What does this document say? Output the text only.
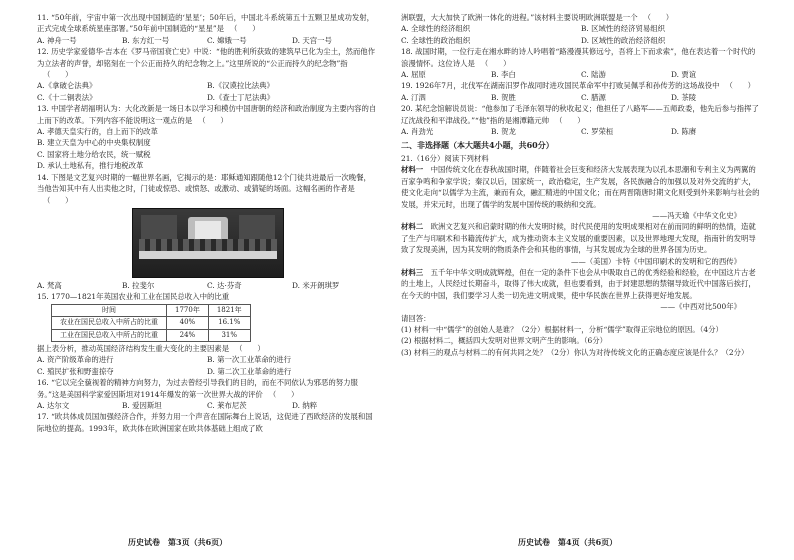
11. “50年前，宇宙中第一次出现中国制造的‘星星’；50年后，中国北斗系统第五十五颗卫星成功发射，正式完成全球系统星座部署。”50年前中国制造的“星星”是 （　　）

A. 神舟一号	B. 东方红一号	C. 嫦娥一号	D. 天宫一号

12. 历史学家爱德华·吉本在《罗马帝国衰亡史》中说：“他的胜利所获致的建筑早已化为尘土，然而他作为立法者的声誉，却铭刻在一个公正而持久的纪念物之上。”这里所说的“公正而持久的纪念物”指（　　）

A.《拿破仑法典》	B.《汉谟拉比法典》
C.《十二铜表法》	D.《查士丁尼法典》

13. 中国学者胡福明认为：大化改新是一场日本以学习和模仿中国唐朝的经济和政治制度为主要内容的自上而下的改革。下列内容不能说明这一观点的是 （　　）

A. 孝德天皇实行的，自上而下的改革
B. 建立天皇为中心的中央集权制度
C. 国家将土地分给农民，统一赋税
D. 承认土地私有，推行地税改革

14. 下图是文艺复兴时期的一幅世界名画，它揭示的是：耶稣通知跟随他12个门徒共进最后一次晚餐，当他告知其中有人出卖他之时，门徒或惊恐、或愤怒、或激动、或猜疑的场面。这幅名画的作者是（　　）

A. 梵高	B. 拉斐尔	C. 达·芬奇	D. 米开朗琪罗

15. 1770—1821年英国农业和工业在国民总收入中的比重

时间	1770年	1821年
农业在国民总收入中所占的比重	40%	16.1%
工业在国民总收入中所占的比重	24%	31%

据上表分析，推动英国经济结构发生重大变化的主要因素是 （　　）

A. 资产阶级革命的进行	B. 第一次工业革命的进行
C. 殖民扩张和野蛮掠夺	D. 第二次工业革命的进行

16. “它以完全藐视着的精神方向努力，为过去曾经引导我们的目的，而在不同依认为邪恶的努力服务。”这是美国科学家爱因斯坦对1914年爆发的第一次世界大战的评价 （　　）

A. 达尔文	B. 爱因斯坦	C. 莱布尼茨	D. 纳粹

17. “欧共体成员国加强经济合作，并努力用一个声音在国际舞台上说话，这促进了西欧经济的发展和国际地位的提高。1993年，欧共体在欧洲国家在欧共体基础上组成了欧

历史试卷　第3页（共6页）

洲联盟，大大加快了欧洲一体化的进程。”该材料主要说明欧洲联盟是一个 （　　）

A. 全球性的经济组织	B. 区域性的经济贸易组织
C. 全球性的政治组织	D. 区域性的政治经济组织

18. 战国时期，一位行走在湘水畔的诗人吟唱着“路漫漫其修远兮，吾将上下而求索”，他在表达着一个时代的浪漫情怀。这位诗人是 （　　）

A. 屈原	B. 李白	C. 陆游	D. 贾谊

19. 1926年7月，北伐军在湖南汨罗作战同时进攻国民革命军中打败吴佩孚和孙传芳的这场战役中 （　　）

A. 汀泗	B. 贺胜	C. 腊源	D. 茶陵

20. 某纪念馆解说员说：“他参加了毛泽东领导的秋收起义；他担任了八路军——五师政委，他先后参与指挥了辽沈战役和平津战役。”“他”指的是湘潭籍元帅 （　　）

A. 肖劲光	B. 贺龙	C. 罗荣桓	D. 陈赓
二、非选择题（本大题共4小题，共60分）

21.（16分）阅读下列材料

材料一　 中国传统文化在春秋战国时期，伴随着社会巨变和经济大发展表现为以孔本思潮和专利主义为两翼的百家争鸣和争家学说；秦汉以后，国家统一，政治稳定，生产发展，各民族融合的加强以及对外交流的扩大，使文化走向“以儒学为主流，兼而有众，融汇精进的中国文化；而在两晋隋唐时期文化则受到外来影响与社会的发展，并宋元时，出现了儒学的发展中国传统的吸纳和交流。

——冯天瑜《中华文化史》

材料二　 欧洲文艺复兴和启蒙时期的伟大发明时候，时代民使用的发明成果相对在前而同的鲜明的热情，造就了生产与印刷术和书籍流传扩大，成为推动资本主义发展的重要因素，以及世界地理大发现，指南针的发明导致了发现美洲，因为其发明的物质条件会和其他的事情，与其发展成为全球的世界各国为历史。

——（美国）卡特《中国印刷术的发明和它的西传》

材料三　 五千年中华文明成就辉煌，但在一定的条件下也会从中吸取自己的优秀经验和经验，在中国这片古老的土地上，人民经过长期奋斗，取得了伟大成就，但也要看到，由于封建思想的禁锢导致近代中国落后挨打，在今天的中国，我们要学习人类一切先进文明成果，使中华民族在世界上获得更好地发展。

——《中西对比500年》

请回答：

(1) 材料一中“儒学”的创始人是谁？（2分）根据材料一，分析“儒学”取得正宗地位的原因。（4分）

(2) 根据材料二，概括四大发明对世界文明产生的影响。（6分）

(3) 材料三的观点与材料二的有何共同之处？（2分）你认为对待传统文化的正确态度应该是什么？（2分）

历史试卷　第4页（共6页）
